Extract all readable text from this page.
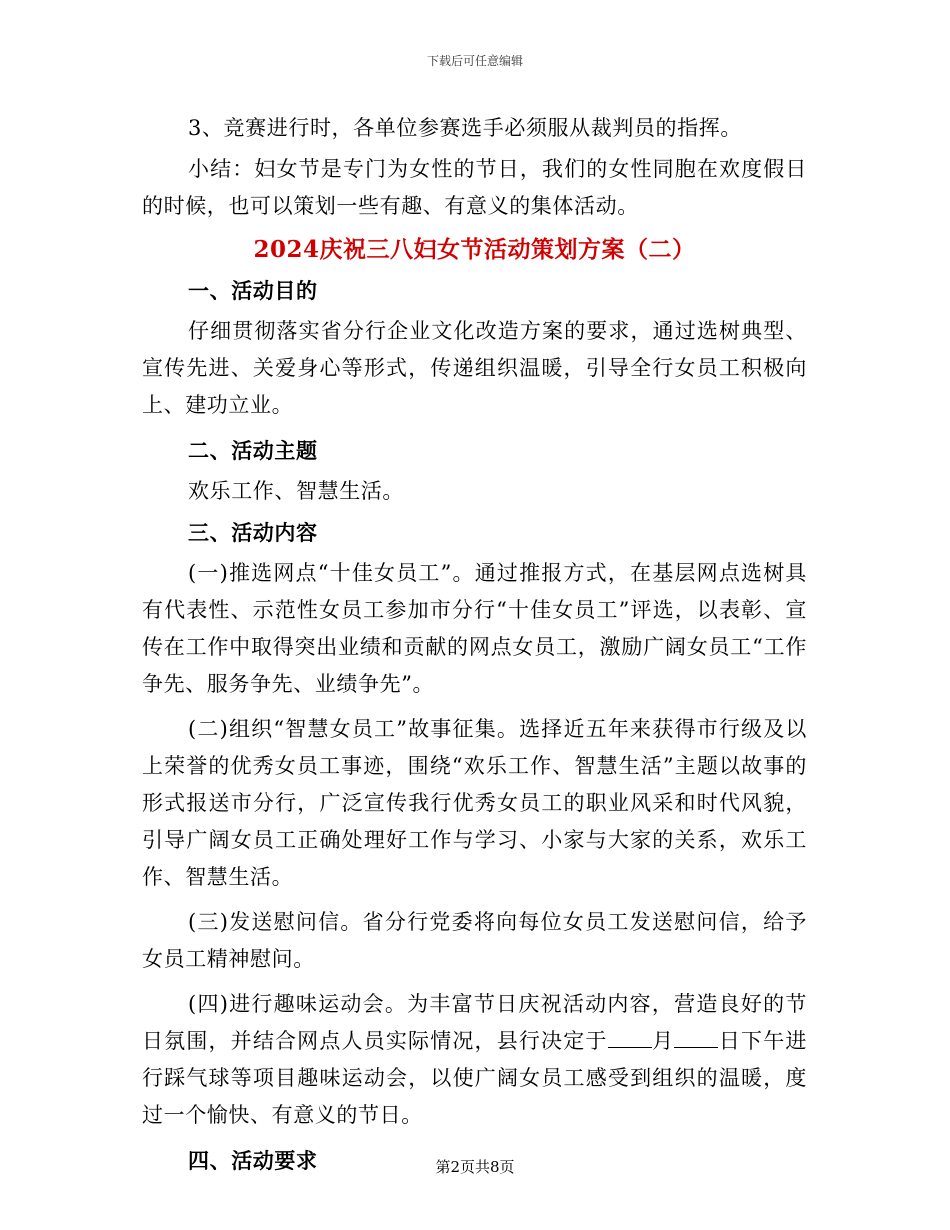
下载后可任意编辑

3、竞赛进行时，各单位参赛选手必须服从裁判员的指挥。

小结：妇女节是专门为女性的节日，我们的女性同胞在欢度假日的时候，也可以策划一些有趣、有意义的集体活动。

2024庆祝三八妇女节活动策划方案（二）

一、活动目的

仔细贯彻落实省分行企业文化改造方案的要求，通过选树典型、宣传先进、关爱身心等形式，传递组织温暖，引导全行女员工积极向上、建功立业。

二、活动主题

欢乐工作、智慧生活。

三、活动内容

(一)推选网点“十佳女员工”。通过推报方式，在基层网点选树具有代表性、示范性女员工参加市分行“十佳女员工”评选，以表彰、宣传在工作中取得突出业绩和贡献的网点女员工，激励广阔女员工“工作争先、服务争先、业绩争先”。

(二)组织“智慧女员工”故事征集。选择近五年来获得市行级及以上荣誉的优秀女员工事迹，围绕“欢乐工作、智慧生活”主题以故事的形式报送市分行，广泛宣传我行优秀女员工的职业风采和时代风貌，引导广阔女员工正确处理好工作与学习、小家与大家的关系，欢乐工作、智慧生活。

(三)发送慰问信。省分行党委将向每位女员工发送慰问信，给予女员工精神慰问。

(四)进行趣味运动会。为丰富节日庆祝活动内容，营造良好的节日氛围，并结合网点人员实际情况，县行决定于 月 日下午进行踩气球等项目趣味运动会，以使广阔女员工感受到组织的温暖，度过一个愉快、有意义的节日。

四、活动要求	第2页共8页
